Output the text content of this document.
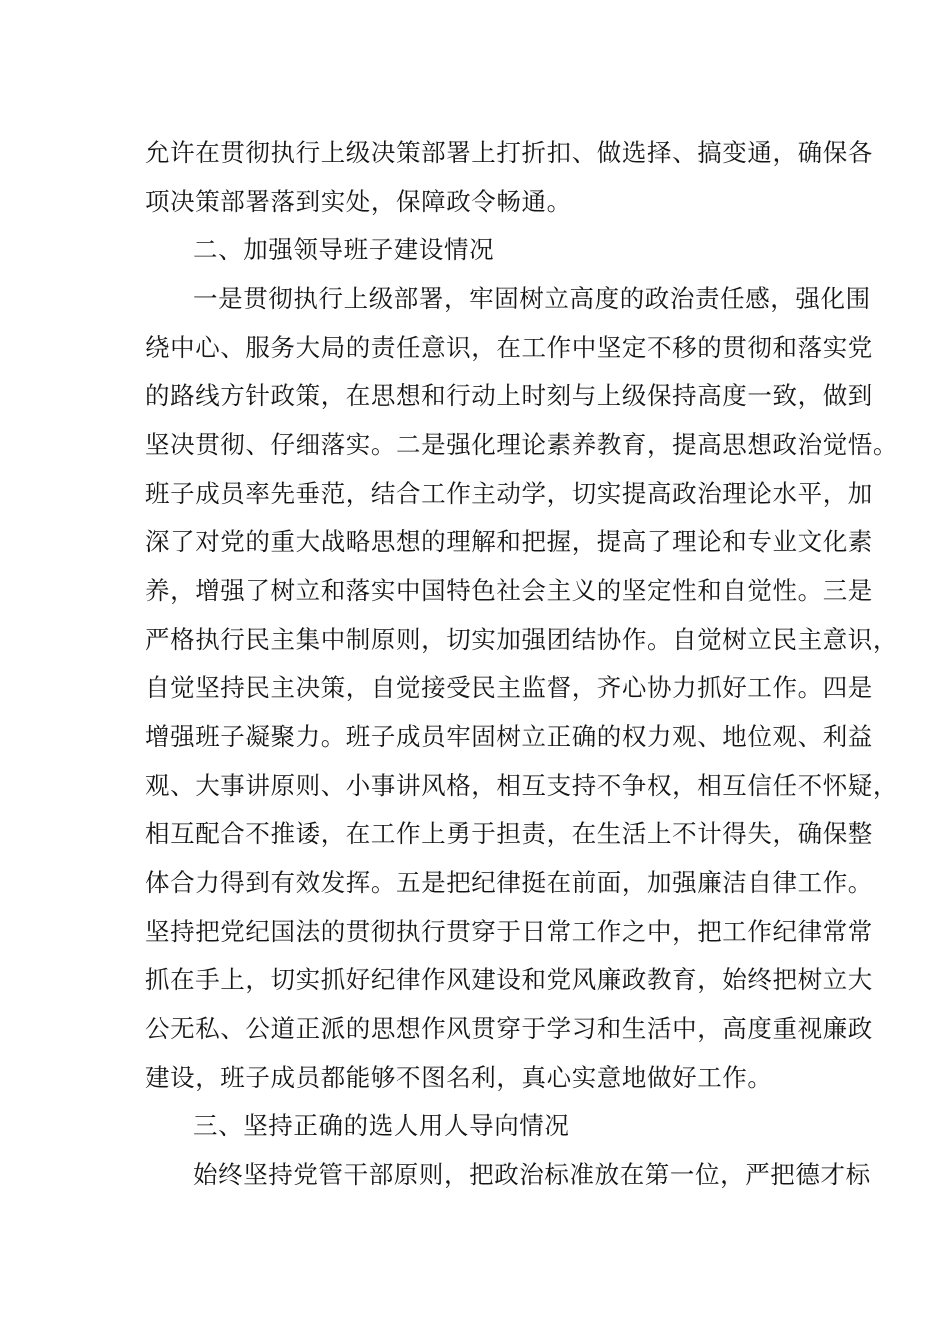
允许在贯彻执行上级决策部署上打折扣、做选择、搞变通，确保各
项决策部署落到实处，保障政令畅通。
二、加强领导班子建设情况
一是贯彻执行上级部署，牢固树立高度的政治责任感，强化围
绕中心、服务大局的责任意识，在工作中坚定不移的贯彻和落实党
的路线方针政策，在思想和行动上时刻与上级保持高度一致，做到
坚决贯彻、仔细落实。二是强化理论素养教育，提高思想政治觉悟。
班子成员率先垂范，结合工作主动学，切实提高政治理论水平，加
深了对党的重大战略思想的理解和把握，提高了理论和专业文化素
养，增强了树立和落实中国特色社会主义的坚定性和自觉性。三是
严格执行民主集中制原则，切实加强团结协作。自觉树立民主意识，
自觉坚持民主决策，自觉接受民主监督，齐心协力抓好工作。四是
增强班子凝聚力。班子成员牢固树立正确的权力观、地位观、利益
观、大事讲原则、小事讲风格，相互支持不争权，相互信任不怀疑，
相互配合不推诿，在工作上勇于担责，在生活上不计得失，确保整
体合力得到有效发挥。五是把纪律挺在前面，加强廉洁自律工作。
坚持把党纪国法的贯彻执行贯穿于日常工作之中，把工作纪律常常
抓在手上，切实抓好纪律作风建设和党风廉政教育，始终把树立大
公无私、公道正派的思想作风贯穿于学习和生活中，高度重视廉政
建设，班子成员都能够不图名利，真心实意地做好工作。
三、坚持正确的选人用人导向情况
始终坚持党管干部原则，把政治标准放在第一位，严把德才标
